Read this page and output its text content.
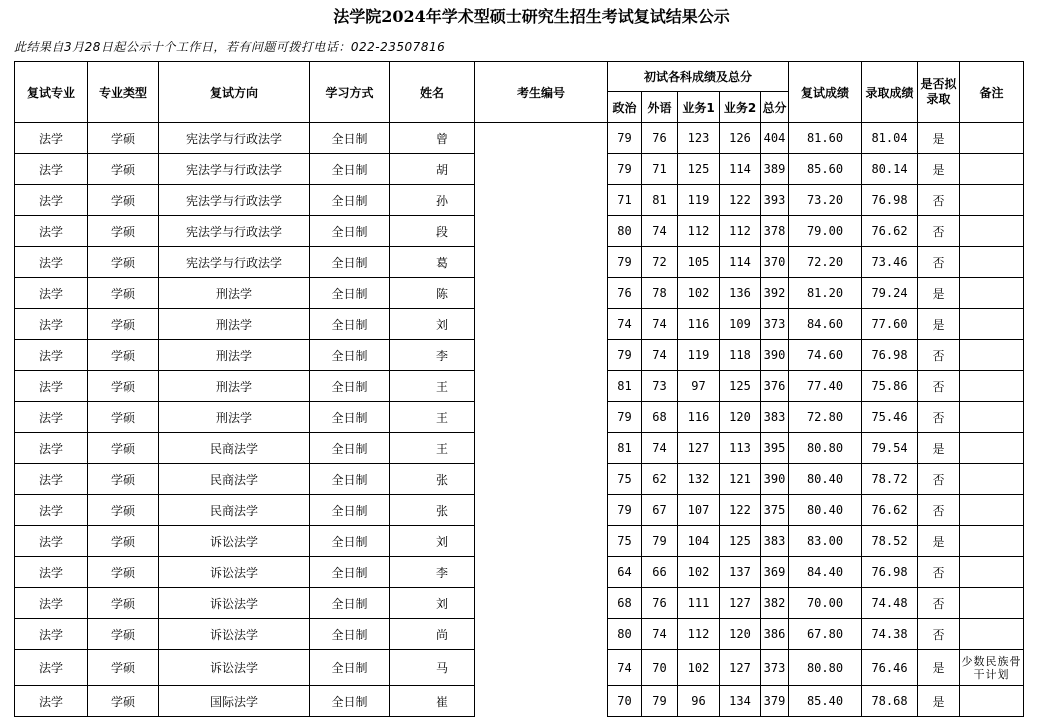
法学院2024年学术型硕士研究生招生考试复试结果公示
此结果自3月28日起公示十个工作日，若有问题可拨打电话：022-23507816
复试专业	专业类型	复试方向	学习方式	姓名	考生编号	初试各科成绩及总分					复试成绩	录取成绩	是否拟录取	备注
						政治	外语	业务1	业务2	总分				
法学	学硕	宪法学与行政法学	全日制	曾		79	76	123	126	404	81.60	81.04	是	
法学	学硕	宪法学与行政法学	全日制	胡		79	71	125	114	389	85.60	80.14	是	
法学	学硕	宪法学与行政法学	全日制	孙		71	81	119	122	393	73.20	76.98	否	
法学	学硕	宪法学与行政法学	全日制	段		80	74	112	112	378	79.00	76.62	否	
法学	学硕	宪法学与行政法学	全日制	葛		79	72	105	114	370	72.20	73.46	否	
法学	学硕	刑法学	全日制	陈		76	78	102	136	392	81.20	79.24	是	
法学	学硕	刑法学	全日制	刘		74	74	116	109	373	84.60	77.60	是	
法学	学硕	刑法学	全日制	李		79	74	119	118	390	74.60	76.98	否	
法学	学硕	刑法学	全日制	王		81	73	97	125	376	77.40	75.86	否	
法学	学硕	刑法学	全日制	王		79	68	116	120	383	72.80	75.46	否	
法学	学硕	民商法学	全日制	王		81	74	127	113	395	80.80	79.54	是	
法学	学硕	民商法学	全日制	张		75	62	132	121	390	80.40	78.72	否	
法学	学硕	民商法学	全日制	张		79	67	107	122	375	80.40	76.62	否	
法学	学硕	诉讼法学	全日制	刘		75	79	104	125	383	83.00	78.52	是	
法学	学硕	诉讼法学	全日制	李		64	66	102	137	369	84.40	76.98	否	
法学	学硕	诉讼法学	全日制	刘		68	76	111	127	382	70.00	74.48	否	
法学	学硕	诉讼法学	全日制	尚		80	74	112	120	386	67.80	74.38	否	
法学	学硕	诉讼法学	全日制	马		74	70	102	127	373	80.80	76.46	是	少数民族骨干计划
法学	学硕	国际法学	全日制	崔		70	79	96	134	379	85.40	78.68	是	
